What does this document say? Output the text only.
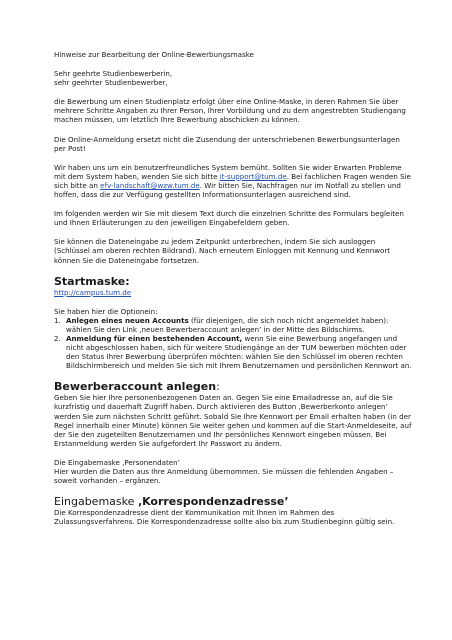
Hinweise zur Bearbeitung der Online-Bewerbungsmaske

Sehr geehrte Studienbewerberin,

sehr geehrter Studienbewerber,

die Bewerbung um einen Studienplatz erfolgt über eine Online-Maske, in deren Rahmen Sie über mehrere Schritte Angaben zu Ihrer Person, Ihrer Vorbildung und zu dem angestrebten Studiengang machen müssen, um letztlich Ihre Bewerbung abschicken zu können.

Die Online-Anmeldung ersetzt nicht die Zusendung der unterschriebenen Bewerbungsunterlagen per Post!

Wir haben uns um ein benutzerfreundliches System bemüht. Sollten Sie wider Erwarten Probleme mit dem System haben, wenden Sie sich bitte it-support@tum.de. Bei fachlichen Fragen wenden Sie sich bitte an efv-landschaft@wzw.tum.de. Wir bitten Sie, Nachfragen nur im Notfall zu stellen und hoffen, dass die zur Verfügung gestellten Informationsunterlagen ausreichend sind.

Im folgenden werden wir Sie mit diesem Text durch die einzelnen Schritte des Formulars begleiten und Ihnen Erläuterungen zu den jeweiligen Eingabefeldern geben.

Sie können die Dateneingabe zu jedem Zeitpunkt unterbrechen, indem Sie sich ausloggen (Schlüssel am oberen rechten Bildrand). Nach erneutem Einloggen mit Kennung und Kennwort können Sie die Dateneingabe fortsetzen.

Startmaske:

http://campus.tum.de

Sie haben hier die Optionein:

1. Anlegen eines neuen Accounts (für diejenigen, die sich noch nicht angemeldet haben): wählen Sie den Link ‚neuen Bewerberaccount anlegen’ in der Mitte des Bildschirms.
2. Anmeldung für einen bestehenden Account, wenn Sie eine Bewerbung angefangen und nicht abgeschlossen haben, sich für weitere Studiengänge an der TUM bewerben möchten oder den Status Ihrer Bewerbung überprüfen möchten: wählen Sie den Schlüssel im oberen rechten Bildschirmbereich und melden Sie sich mit Ihrem Benutzernamen und persönlichen Kennwort an.
Bewerberaccount anlegen:

Geben Sie hier Ihre personenbezogenen Daten an. Gegen Sie eine Emailadresse an, auf die Sie kurzfristig und dauerhaft Zugriff haben. Durch aktivieren des Button ‚Bewerberkonto anlegen’ werden Sie zum nächsten Schritt geführt. Sobald Sie Ihre Kennwort per Email erhalten haben (in der Regel innerhalb einer Minute) können Sie weiter gehen und kommen auf die Start-Anmeldeseite, auf der Sie den zugeteilten Benutzernamen und Ihr persönliches Kennwort eingeben müssen. Bei Erstanmeldung werden Sie aufgefordert Ihr Passwort zu ändern.

Die Eingabemaske ‚Personendaten’

Hier wurden die Daten aus Ihre Anmeldung übernommen. Sie müssen die fehlenden Angaben – soweit vorhanden – ergänzen.

Eingabemaske ‚Korrespondenzadresse’

Die Korrespondenzadresse dient der Kommunikation mit Ihnen im Rahmen des Zulassungsverfahrens. Die Korrespondenzadresse sollte also bis zum Studienbeginn gültig sein.
